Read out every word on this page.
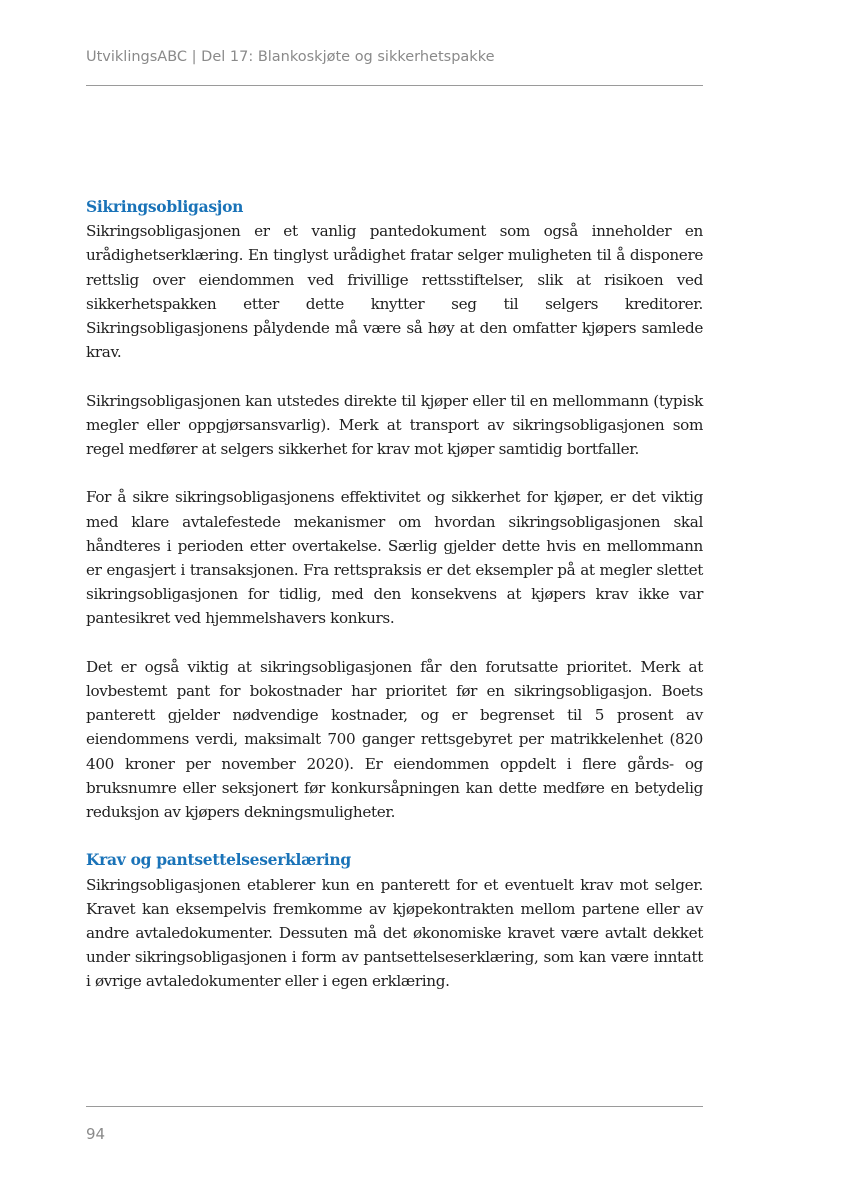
UtviklingsABC | Del 17: Blankoskjøte og sikkerhetspakke
Sikringsobligasjon

Sikringsobligasjonen er et vanlig pantedokument som også inneholder en urådighetserklæring. En tinglyst urådighet fratar selger muligheten til å disponere rettslig over eiendommen ved frivillige rettsstiftelser, slik at risikoen ved sikkerhetspakken etter dette knytter seg til selgers kreditorer. Sikringsobligasjonens pålydende må være så høy at den omfatter kjøpers samlede krav.

Sikringsobligasjonen kan utstedes direkte til kjøper eller til en mellommann (typisk megler eller oppgjørsansvarlig). Merk at transport av sikringsobligasjonen som regel medfører at selgers sikkerhet for krav mot kjøper samtidig bortfaller.

For å sikre sikringsobligasjonens effektivitet og sikkerhet for kjøper, er det viktig med klare avtalefestede mekanismer om hvordan sikringsobligasjonen skal håndteres i perioden etter overtakelse. Særlig gjelder dette hvis en mellommann er engasjert i transaksjonen. Fra rettspraksis er det eksempler på at megler slettet sikringsobligasjonen for tidlig, med den konsekvens at kjøpers krav ikke var pantesikret ved hjemmelshavers konkurs.

Det er også viktig at sikringsobligasjonen får den forutsatte prioritet. Merk at lovbestemt pant for bokostnader har prioritet før en sikringsobligasjon. Boets panterett gjelder nødvendige kostnader, og er begrenset til 5 prosent av eiendommens verdi, maksimalt 700 ganger rettsgebyret per matrikkelenhet (820 400 kroner per november 2020). Er eiendommen oppdelt i flere gårds- og bruksnumre eller seksjonert før konkursåpningen kan dette medføre en betydelig reduksjon av kjøpers dekningsmuligheter.

Krav og pantsettelseserklæring

Sikringsobligasjonen etablerer kun en panterett for et eventuelt krav mot selger. Kravet kan eksempelvis fremkomme av kjøpekontrakten mellom partene eller av andre avtaledokumenter. Dessuten må det økonomiske kravet være avtalt dekket under sikringsobligasjonen i form av pantsettelseserklæring, som kan være inntatt i øvrige avtaledokumenter eller i egen erklæring.

94
